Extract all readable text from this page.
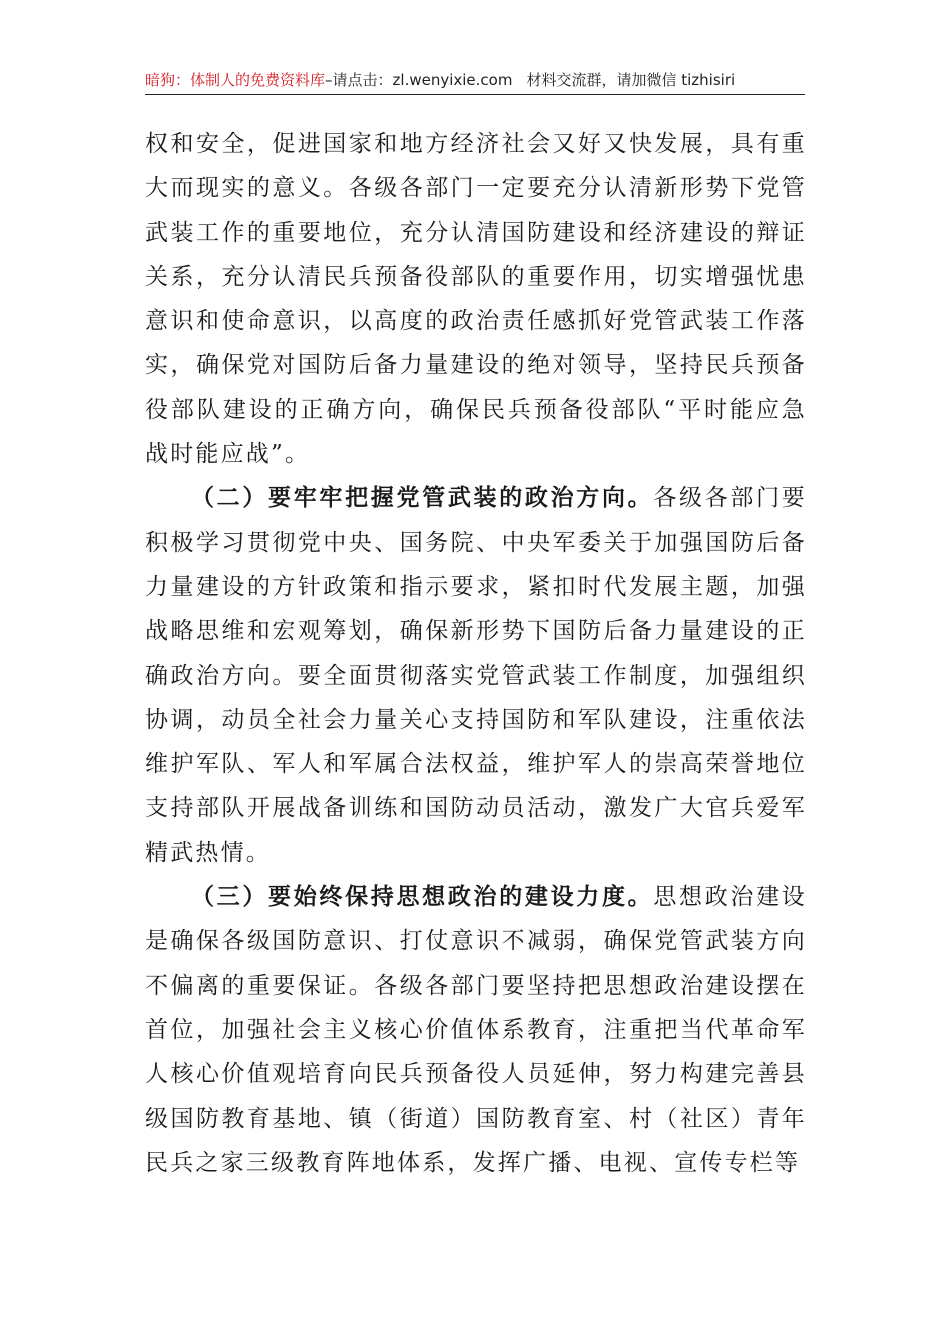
暗狗：体制人的免费资料库–请点击：zl.wenyixie.com 材料交流群，请加微信 tizhisiri

权和安全，促进国家和地方经济社会又好又快发展，具有重大而现实的意义。各级各部门一定要充分认清新形势下党管武装工作的重要地位，充分认清国防建设和经济建设的辩证关系，充分认清民兵预备役部队的重要作用，切实增强忧患意识和使命意识，以高度的政治责任感抓好党管武装工作落实，确保党对国防后备力量建设的绝对领导，坚持民兵预备役部队建设的正确方向，确保民兵预备役部队“平时能应急战时能应战”。

（二）要牢牢把握党管武装的政治方向。各级各部门要积极学习贯彻党中央、国务院、中央军委关于加强国防后备力量建设的方针政策和指示要求，紧扣时代发展主题，加强战略思维和宏观筹划，确保新形势下国防后备力量建设的正确政治方向。要全面贯彻落实党管武装工作制度，加强组织协调，动员全社会力量关心支持国防和军队建设，注重依法维护军队、军人和军属合法权益，维护军人的崇高荣誉地位支持部队开展战备训练和国防动员活动，激发广大官兵爱军精武热情。

（三）要始终保持思想政治的建设力度。思想政治建设是确保各级国防意识、打仗意识不减弱，确保党管武装方向不偏离的重要保证。各级各部门要坚持把思想政治建设摆在首位，加强社会主义核心价值体系教育，注重把当代革命军人核心价值观培育向民兵预备役人员延伸，努力构建完善县级国防教育基地、镇（街道）国防教育室、村（社区）青年民兵之家三级教育阵地体系，发挥广播、电视、宣传专栏等
